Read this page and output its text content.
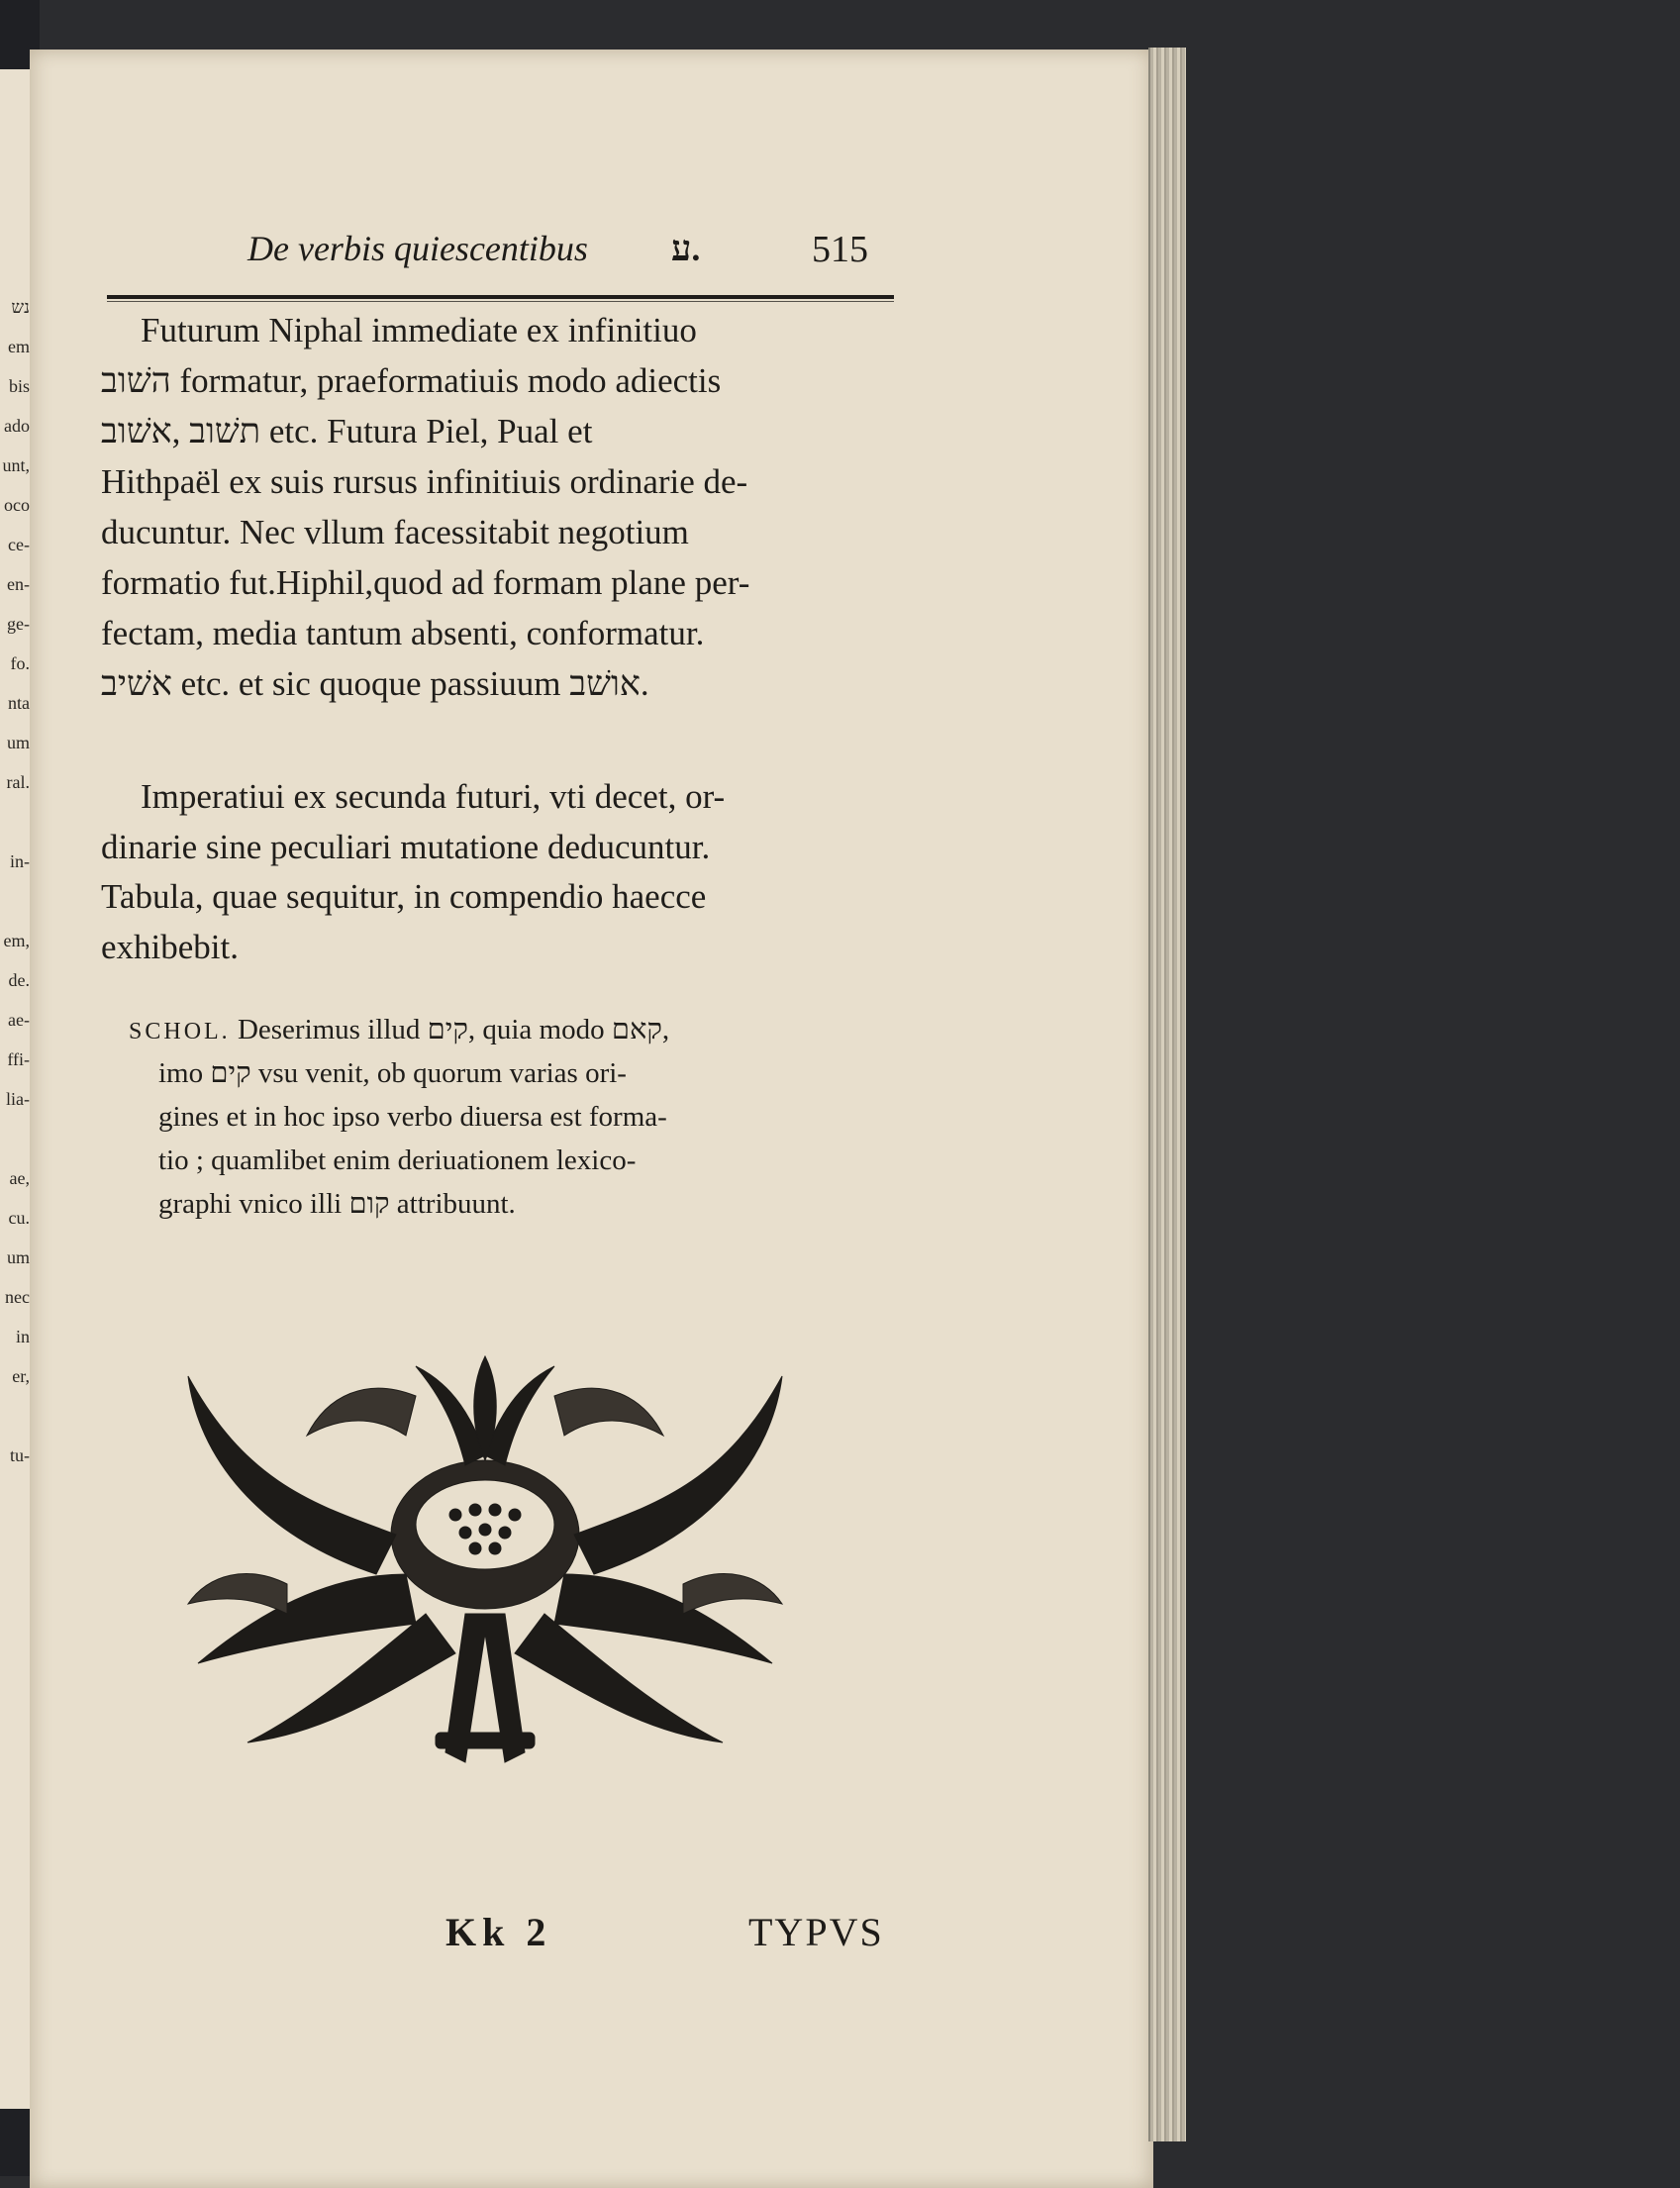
נש
em
bis
ado
unt,
oco
ce-
en-
ge-
fo.
nta
um
ral.
in-
em,
de.
ae-
ffi-
lia-
ae,
cu.
um
nec
in
er,
tu-
De verbis quiescentibus ע.	515
Futurum Niphal immediate ex infinitiuo
השׁוב formatur, praeformatiuis modo adiectis
תשׁוב ,אשׁוב etc. Futura Piel, Pual et
Hithpaël ex suis rursus infinitiuis ordinarie de-
ducuntur. Nec vllum facessitabit negotium
formatio fut.Hiphil,quod ad formam plane per-
fectam, media tantum absenti, conformatur.
אשׁיב etc. et sic quoque passiuum אושׁב.
Imperatiui ex secunda futuri, vti decet, or-
dinarie sine peculiari mutatione deducuntur.
Tabula, quae sequitur, in compendio haecce
exhibebit.
SCHOL. Deserimus illud קים, quia modo קאם,
imo קים vsu venit, ob quorum varias ori-
gines et in hoc ipso verbo diuersa est forma-
tio ; quamlibet enim deriuationem lexico-
graphi vnico illi קום attribuunt.
Kk 2	TYPVS
